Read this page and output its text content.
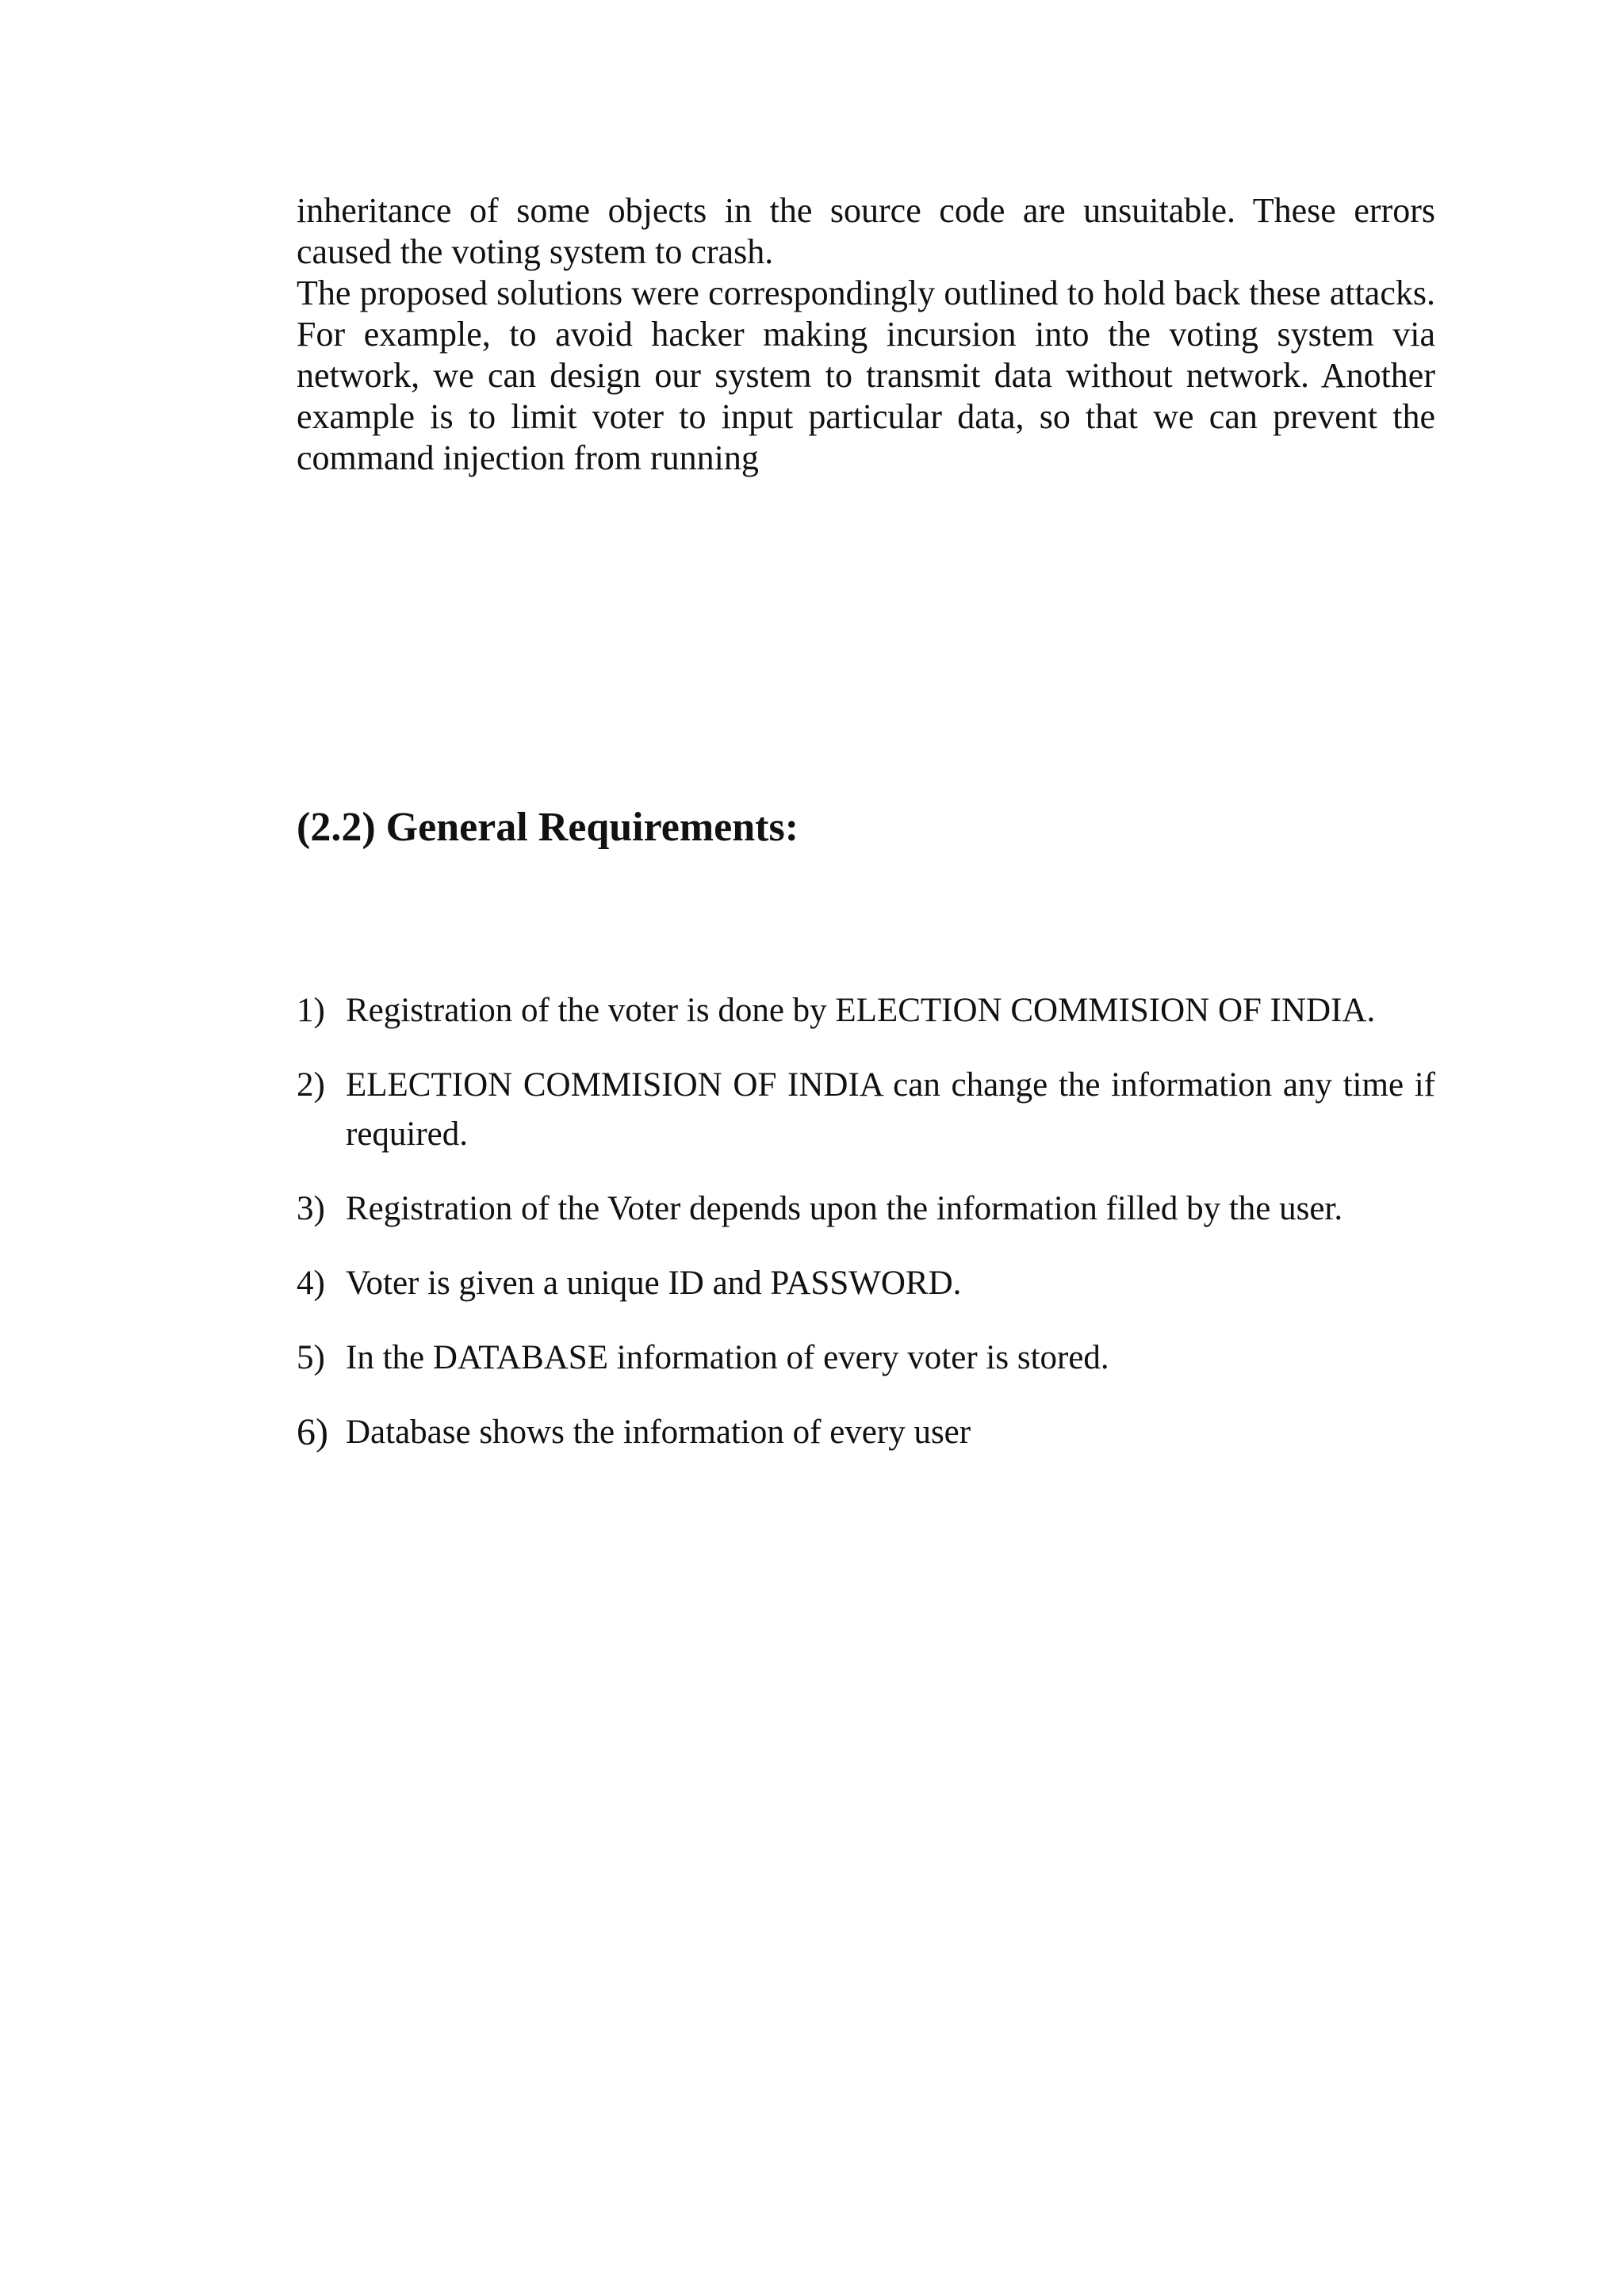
inheritance of some objects in the source code are unsuitable. These errors caused the voting system to crash.

The proposed solutions were correspondingly outlined to hold back these attacks. For example, to avoid hacker making incursion into the voting system via network, we can design our system to transmit data without network. Another example is to limit voter to input particular data, so that we can prevent the command injection from running

(2.2) General Requirements:
1) Registration of the voter is done by ELECTION COMMISION OF INDIA.
2) ELECTION COMMISION OF INDIA can change the information any time if required.
3) Registration of the Voter depends upon the information filled by the user.
4) Voter is given a unique ID and PASSWORD.
5) In the DATABASE information of every voter is stored.
6) Database shows the information of every user
